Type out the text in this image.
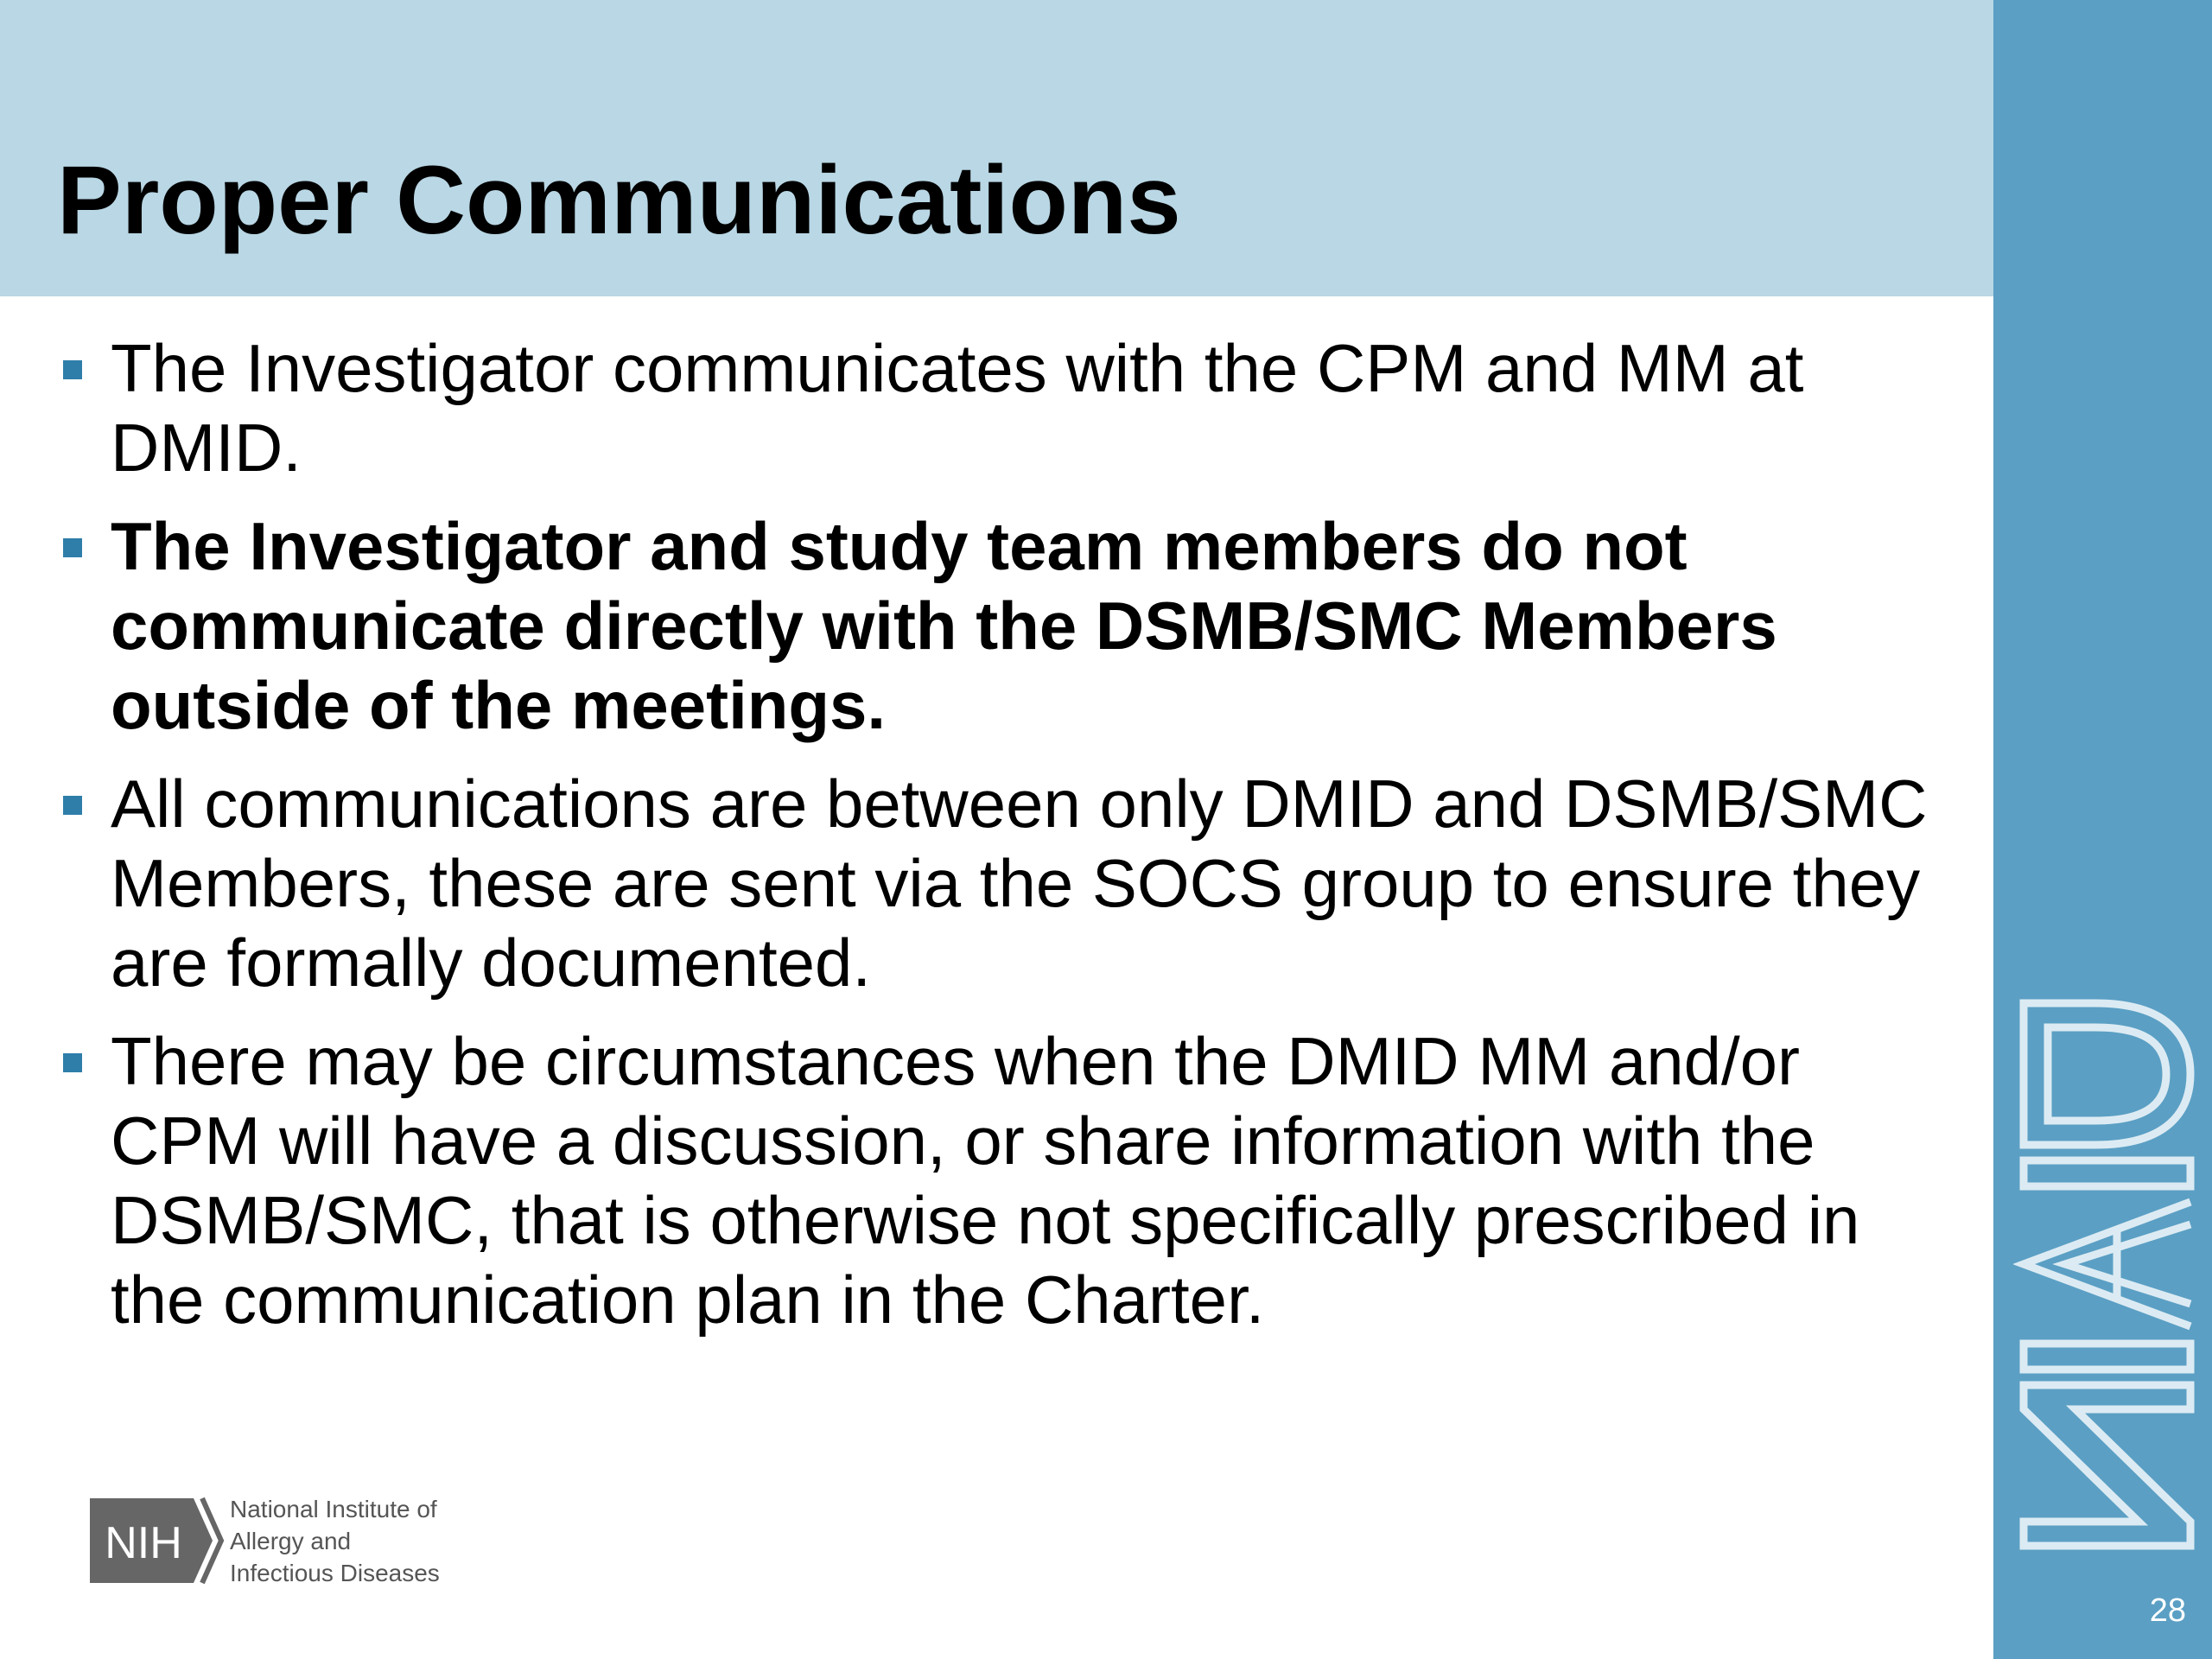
Proper Communications
28
The Investigator communicates with the CPM and MM at DMID.
The Investigator and study team members do not communicate directly with the DSMB/SMC Members outside of the meetings.
All communications are between only DMID and DSMB/SMC Members, these are sent via the SOCS group to ensure they are formally documented.
There may be circumstances when the DMID MM and/or CPM will have a discussion, or share information with the DSMB/SMC, that is otherwise not specifically prescribed in the communication plan in the Charter.
NIH
National Institute of
Allergy and
Infectious Diseases
